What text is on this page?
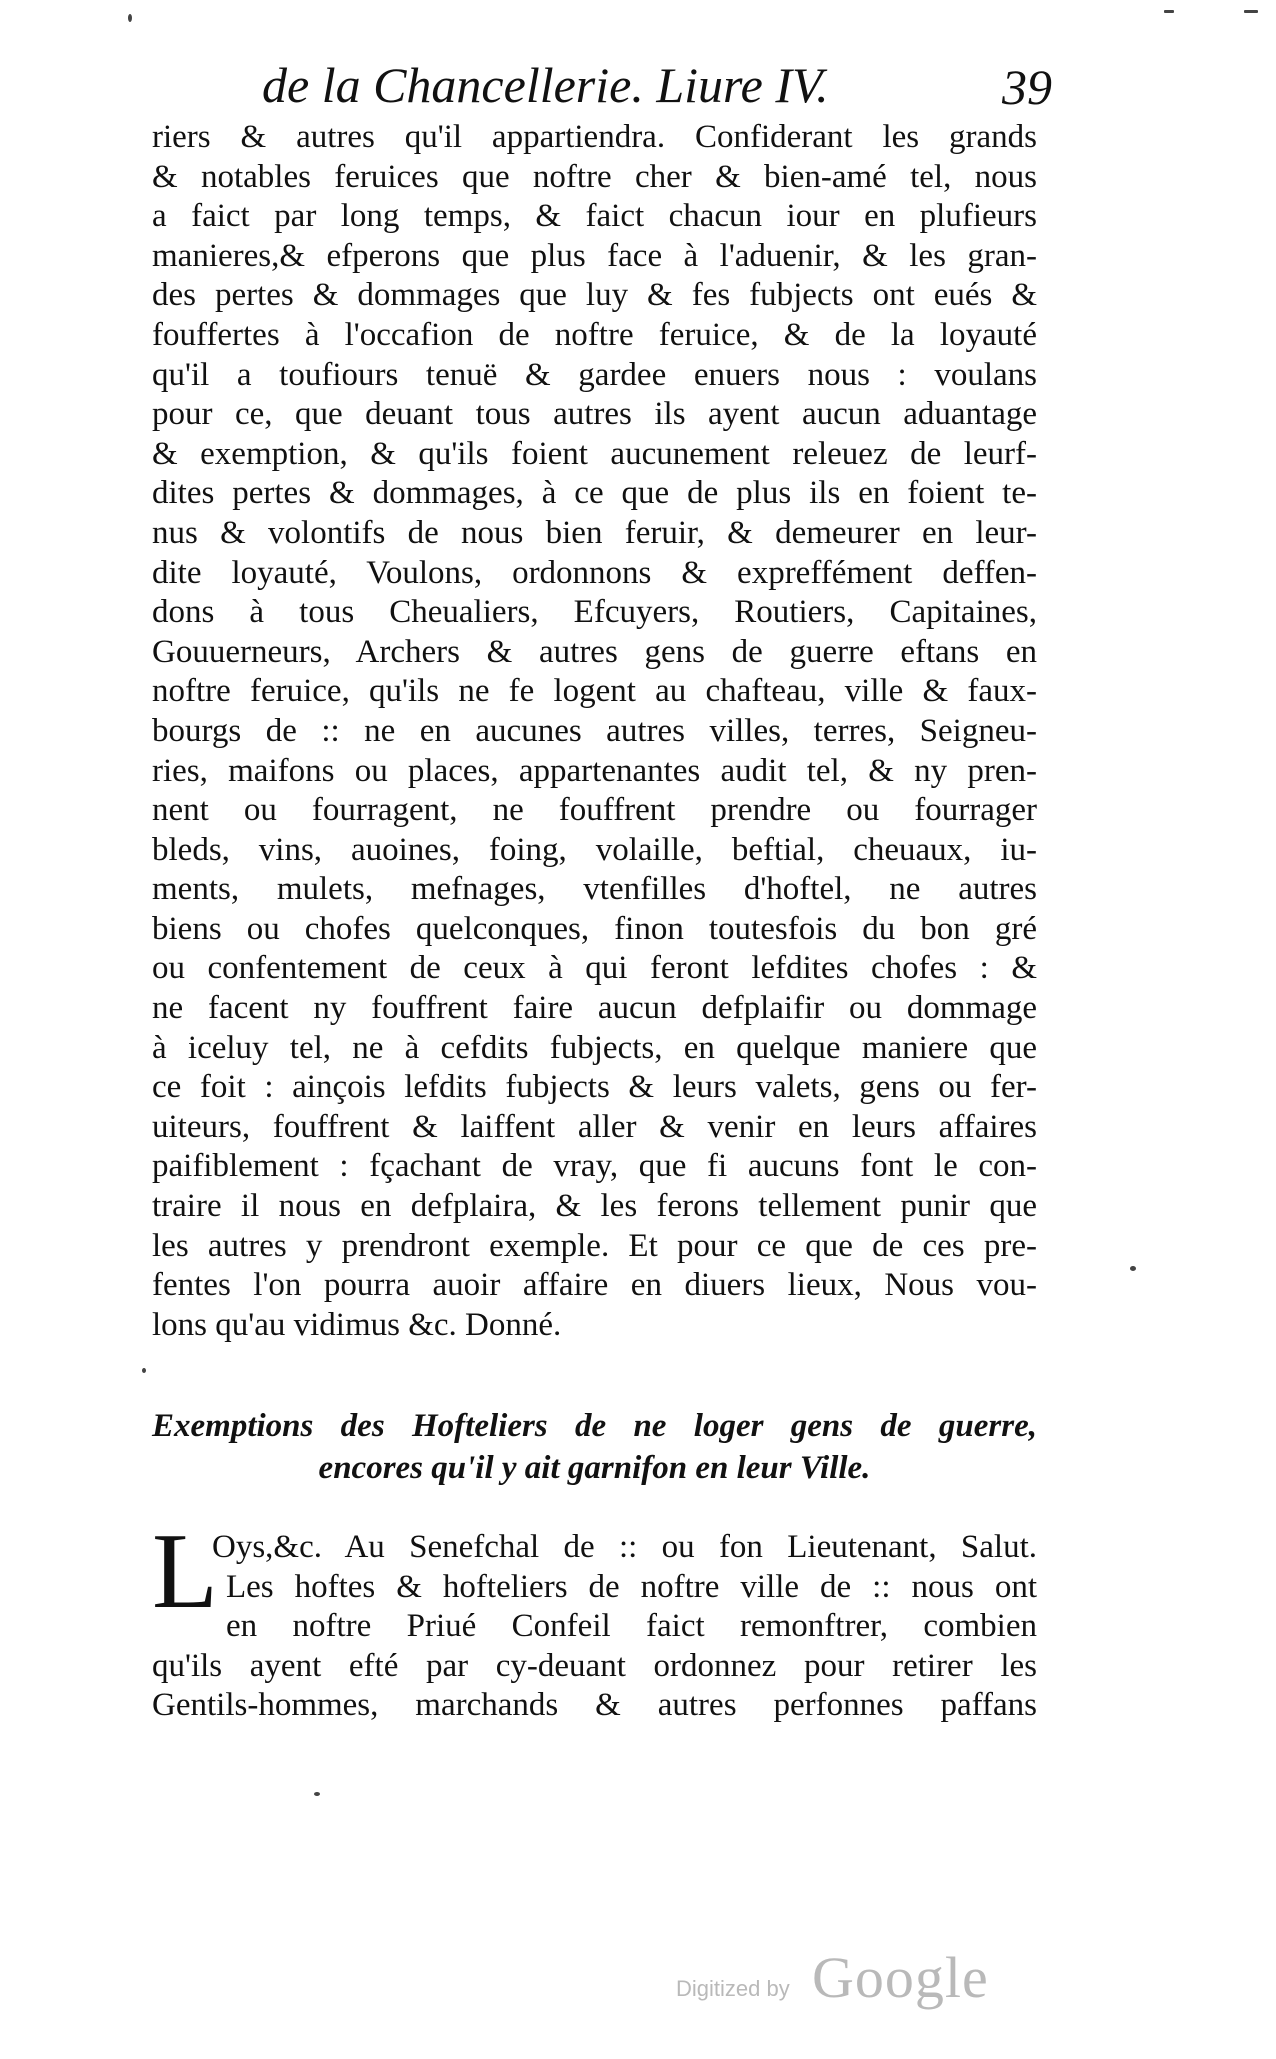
de la Chancellerie. Liure IV.	39
riers & autres qu'il appartiendra. Confiderant les grands
& notables feruices que noftre cher & bien-amé tel, nous
a faict par long temps, & faict chacun iour en plufieurs
manieres,& efperons que plus face à l'aduenir, & les gran-
des pertes & dommages que luy & fes fubjects ont eués &
fouffertes à l'occafion de noftre feruice, & de la loyauté
qu'il a toufiours tenuë & gardee enuers nous : voulans
pour ce, que deuant tous autres ils ayent aucun aduantage
& exemption, & qu'ils foient aucunement releuez de leurf-
dites pertes & dommages, à ce que de plus ils en foient te-
nus & volontifs de nous bien feruir, & demeurer en leur-
dite loyauté, Voulons, ordonnons & expreffément deffen-
dons à tous Cheualiers, Efcuyers, Routiers, Capitaines,
Gouuerneurs, Archers & autres gens de guerre eftans en
noftre feruice, qu'ils ne fe logent au chafteau, ville & faux-
bourgs de :: ne en aucunes autres villes, terres, Seigneu-
ries, maifons ou places, appartenantes audit tel, & ny pren-
nent ou fourragent, ne fouffrent prendre ou fourrager
bleds, vins, auoines, foing, volaille, beftial, cheuaux, iu-
ments, mulets, mefnages, vtenfilles d'hoftel, ne autres
biens ou chofes quelconques, finon toutesfois du bon gré
ou confentement de ceux à qui feront lefdites chofes : &
ne facent ny fouffrent faire aucun defplaifir ou dommage
à iceluy tel, ne à cefdits fubjects, en quelque maniere que
ce foit : ainçois lefdits fubjects & leurs valets, gens ou fer-
uiteurs, fouffrent & laiffent aller & venir en leurs affaires
paifiblement : fçachant de vray, que fi aucuns font le con-
traire il nous en defplaira, & les ferons tellement punir que
les autres y prendront exemple. Et pour ce que de ces pre-
fentes l'on pourra auoir affaire en diuers lieux, Nous vou-
lons qu'au vidimus &c. Donné.
Exemptions des Hofteliers de ne loger gens de guerre,
encores qu'il y ait garnifon en leur Ville.
L
Oys,&c. Au Senefchal de :: ou fon Lieutenant, Salut.
Les hoftes & hofteliers de noftre ville de :: nous ont
en noftre Priué Confeil faict remonftrer, combien
qu'ils ayent efté par cy-deuant ordonnez pour retirer les
Gentils-hommes, marchands & autres perfonnes paffans
Digitized by Google
